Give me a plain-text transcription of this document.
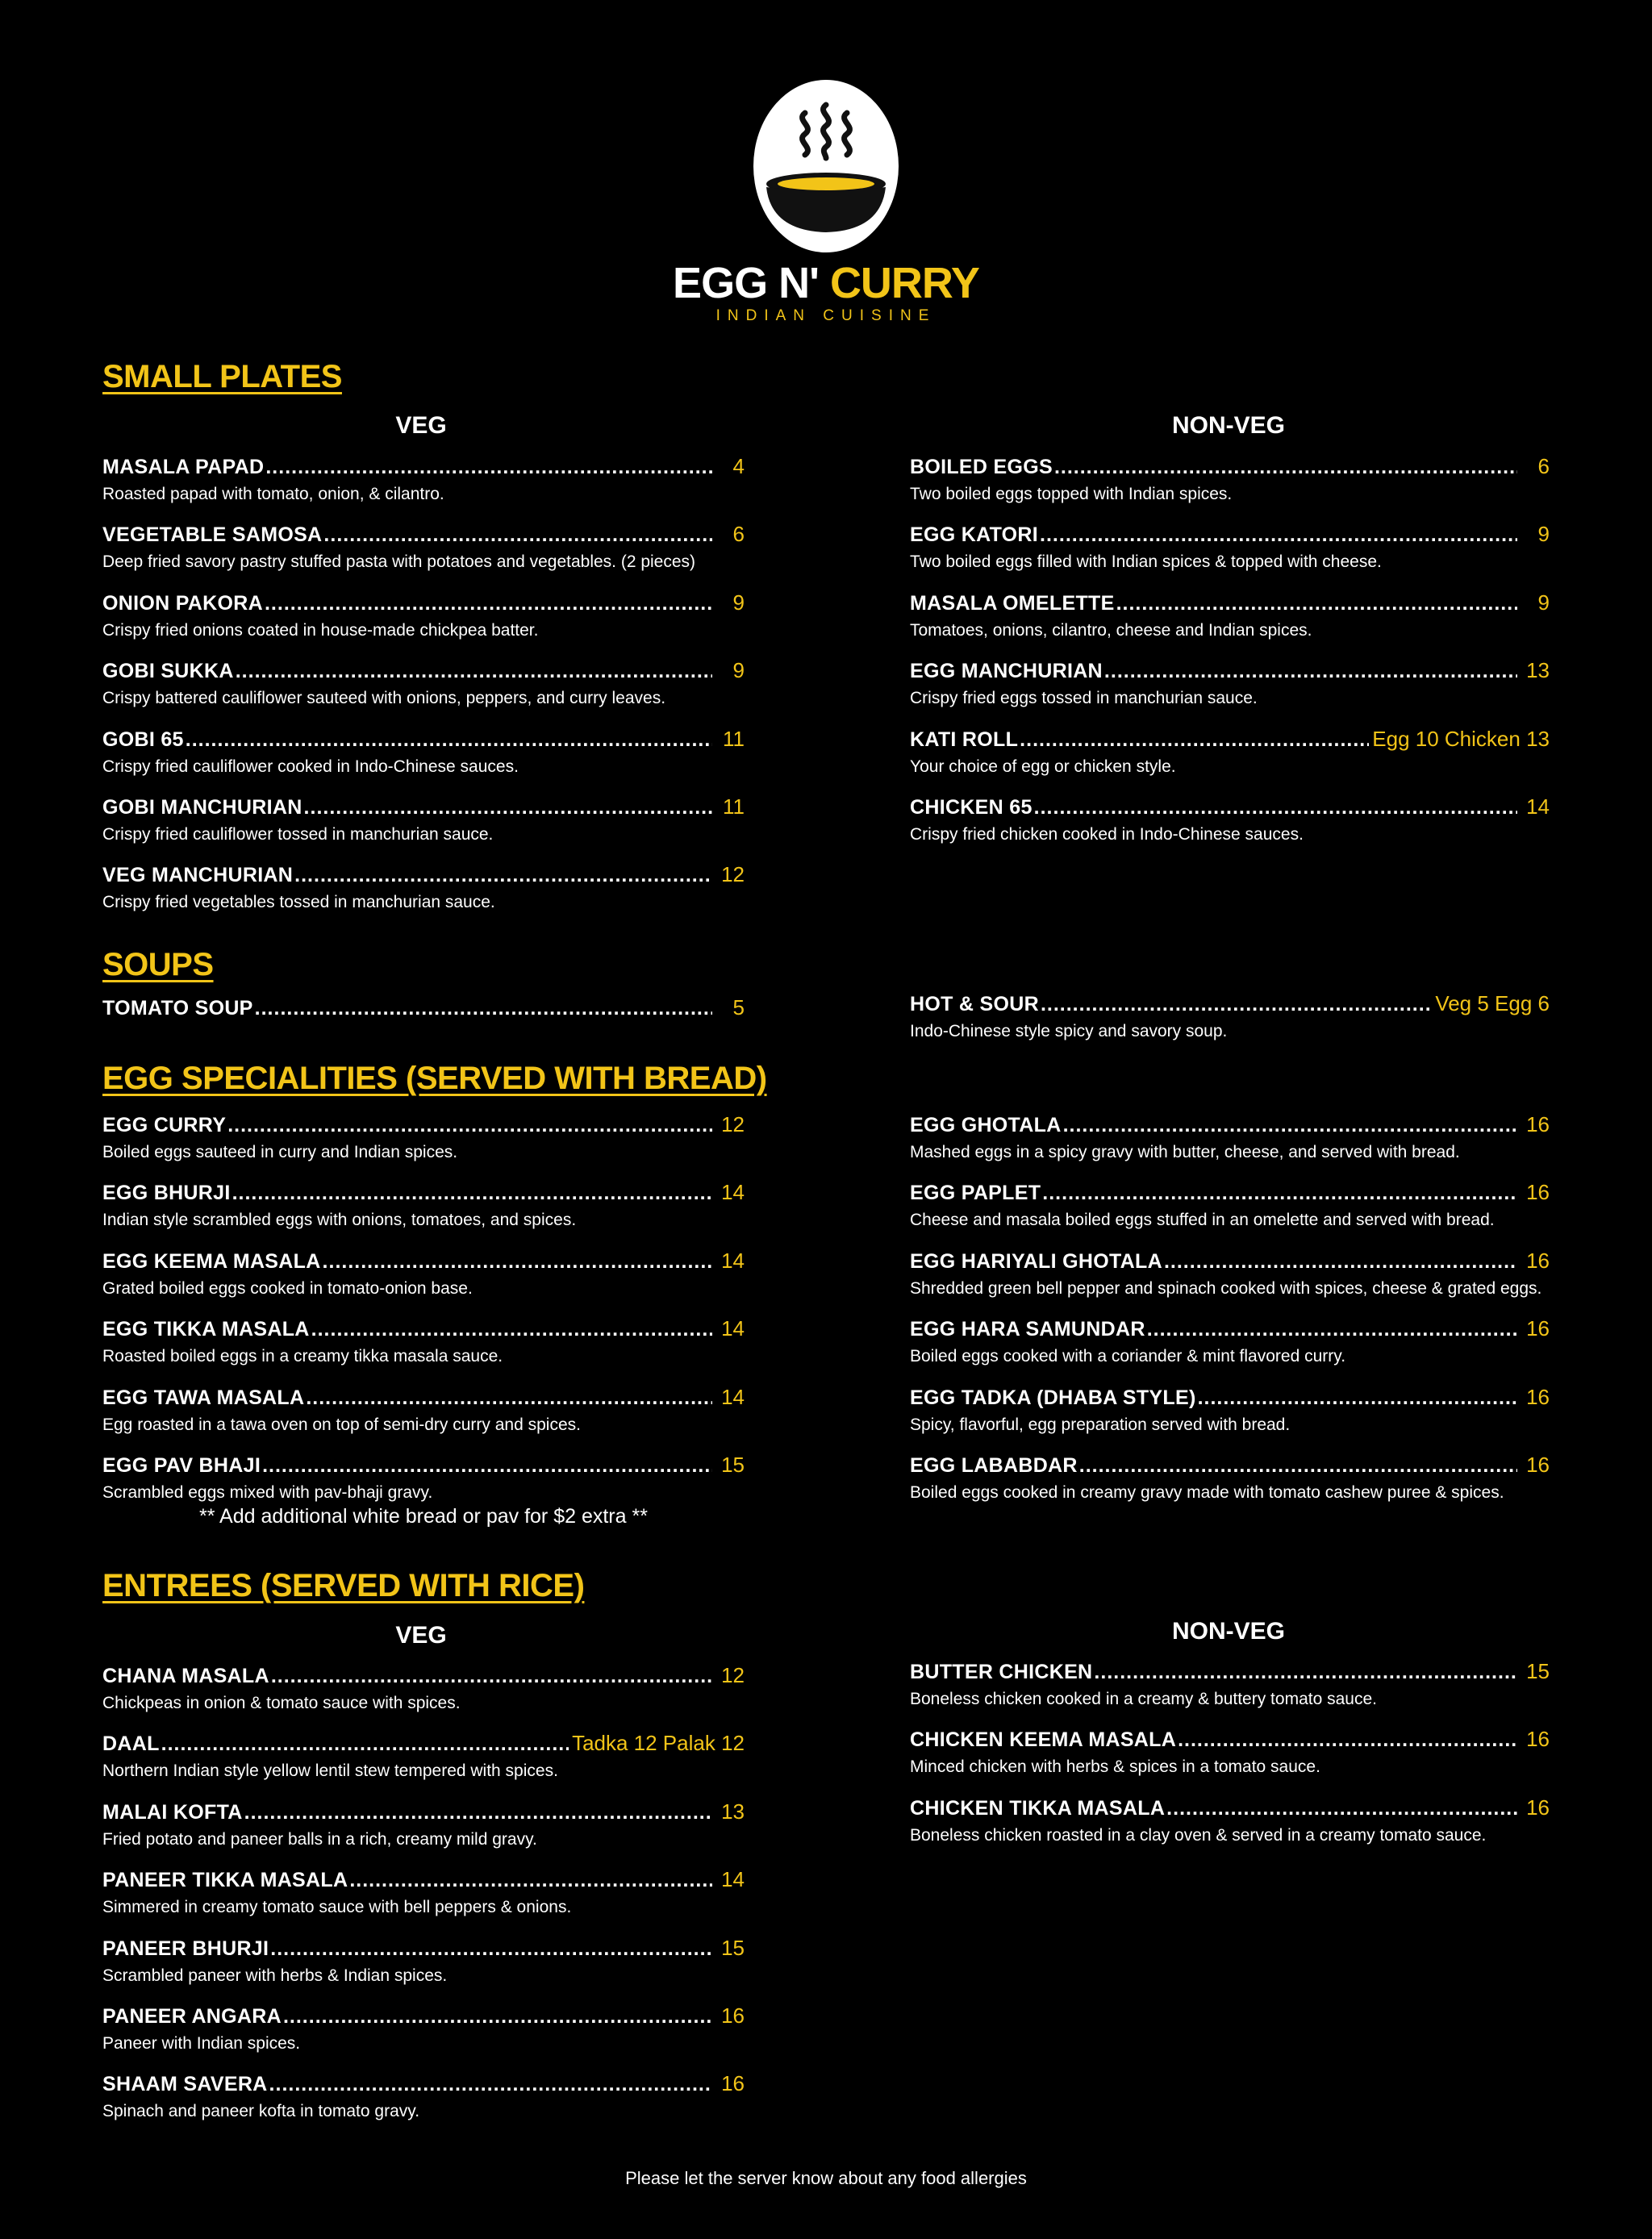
EGG N' CURRY
INDIAN CUISINE
SMALL PLATES
VEG	NON-VEG
MASALA PAPAD .....	4
Roasted papad with tomato, onion, & cilantro.
VEGETABLE SAMOSA .....	6
Deep fried savory pastry stuffed pasta with potatoes and vegetables. (2 pieces)
ONION PAKORA .....	9
Crispy fried onions coated in house-made chickpea batter.
GOBI SUKKA .....	9
Crispy battered cauliflower sauteed with onions, peppers, and curry leaves.
GOBI 65 .....	11
Crispy fried cauliflower cooked in Indo-Chinese sauces.
GOBI MANCHURIAN .....	11
Crispy fried cauliflower tossed in manchurian sauce.
VEG MANCHURIAN .....	12
Crispy fried vegetables tossed in manchurian sauce.
BOILED EGGS .....	6
Two boiled eggs topped with Indian spices.
EGG KATORI .....	9
Two boiled eggs filled with Indian spices & topped with cheese.
MASALA OMELETTE .....	9
Tomatoes, onions, cilantro, cheese and Indian spices.
EGG MANCHURIAN .....	13
Crispy fried eggs tossed in manchurian sauce.
KATI ROLL .....	Egg 10 Chicken 13
Your choice of egg or chicken style.
CHICKEN 65 .....	14
Crispy fried chicken cooked in Indo-Chinese sauces.
SOUPS
TOMATO SOUP .....	5	HOT & SOUR .....	Veg 5 Egg 6
Indo-Chinese style spicy and savory soup.
EGG SPECIALITIES (SERVED WITH BREAD)
EGG CURRY .....	12
Boiled eggs sauteed in curry and Indian spices.
EGG BHURJI .....	14
Indian style scrambled eggs with onions, tomatoes, and spices.
EGG KEEMA MASALA .....	14
Grated boiled eggs cooked in tomato-onion base.
EGG TIKKA MASALA .....	14
Roasted boiled eggs in a creamy tikka masala sauce.
EGG TAWA MASALA .....	14
Egg roasted in a tawa oven on top of semi-dry curry and spices.
EGG PAV BHAJI .....	15
Scrambled eggs mixed with pav-bhaji gravy.
EGG GHOTALA .....	16
Mashed eggs in a spicy gravy with butter, cheese, and served with bread.
EGG PAPLET .....	16
Cheese and masala boiled eggs stuffed in an omelette and served with bread.
EGG HARIYALI GHOTALA .....	16
Shredded green bell pepper and spinach cooked with spices, cheese & grated eggs.
EGG HARA SAMUNDAR .....	16
Boiled eggs cooked with a coriander & mint flavored curry.
EGG TADKA (DHABA STYLE) .....	16
Spicy, flavorful, egg preparation served with bread.
EGG LABABDAR .....	16
Boiled eggs cooked in creamy gravy made with tomato cashew puree & spices.
** Add additional white bread or pav for $2 extra **
ENTREES (SERVED WITH RICE)
VEG	NON-VEG
CHANA MASALA .....	12
Chickpeas in onion & tomato sauce with spices.
DAAL .....	Tadka 12 Palak 12
Northern Indian style yellow lentil stew tempered with spices.
MALAI KOFTA .....	13
Fried potato and paneer balls in a rich, creamy mild gravy.
PANEER TIKKA MASALA .....	14
Simmered in creamy tomato sauce with bell peppers & onions.
PANEER BHURJI .....	15
Scrambled paneer with herbs & Indian spices.
PANEER ANGARA .....	16
Paneer with Indian spices.
SHAAM SAVERA .....	16
Spinach and paneer kofta in tomato gravy.
BUTTER CHICKEN .....	15
Boneless chicken cooked in a creamy & buttery tomato sauce.
CHICKEN KEEMA MASALA .....	16
Minced chicken with herbs & spices in a tomato sauce.
CHICKEN TIKKA MASALA .....	16
Boneless chicken roasted in a clay oven & served in a creamy tomato sauce.
Please let the server know about any food allergies
